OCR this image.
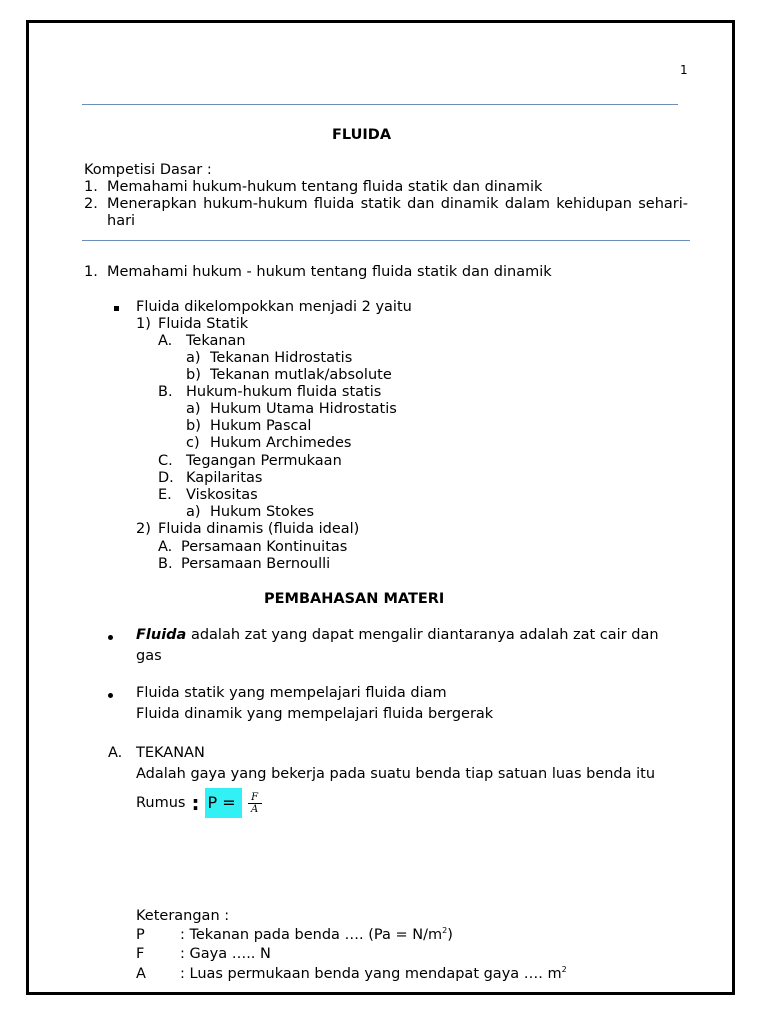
1
FLUIDA
Kompetisi Dasar :
1. Memahami hukum-hukum tentang fluida statik dan dinamik
2. Menerapkan hukum-hukum fluida statik dan dinamik dalam kehidupan sehari-hari
1. Memahami hukum - hukum tentang fluida statik dan dinamik
Fluida dikelompokkan menjadi 2 yaitu
1) Fluida Statik
A. Tekanan
a) Tekanan Hidrostatis
b) Tekanan mutlak/absolute
B. Hukum-hukum fluida statis
a) Hukum Utama Hidrostatis
b) Hukum Pascal
c) Hukum Archimedes
C. Tegangan Permukaan
D. Kapilaritas
E. Viskositas
a) Hukum Stokes
2) Fluida dinamis (fluida ideal)
A. Persamaan Kontinuitas
B. Persamaan Bernoulli
PEMBAHASAN MATERI
Fluida adalah zat yang dapat mengalir diantaranya adalah zat cair dan
gas
Fluida statik yang mempelajari fluida diam
Fluida dinamik yang mempelajari fluida bergerak
A. TEKANAN
Adalah gaya yang bekerja pada suatu benda tiap satuan luas benda itu
Rumus : P =	$\frac{F}{A}$
Keterangan :
P : Tekanan pada benda …. $(Pa = N/m^2)$
F : Gaya ….. N
A : Luas permukaan benda yang mendapat gaya …. $m^2$
